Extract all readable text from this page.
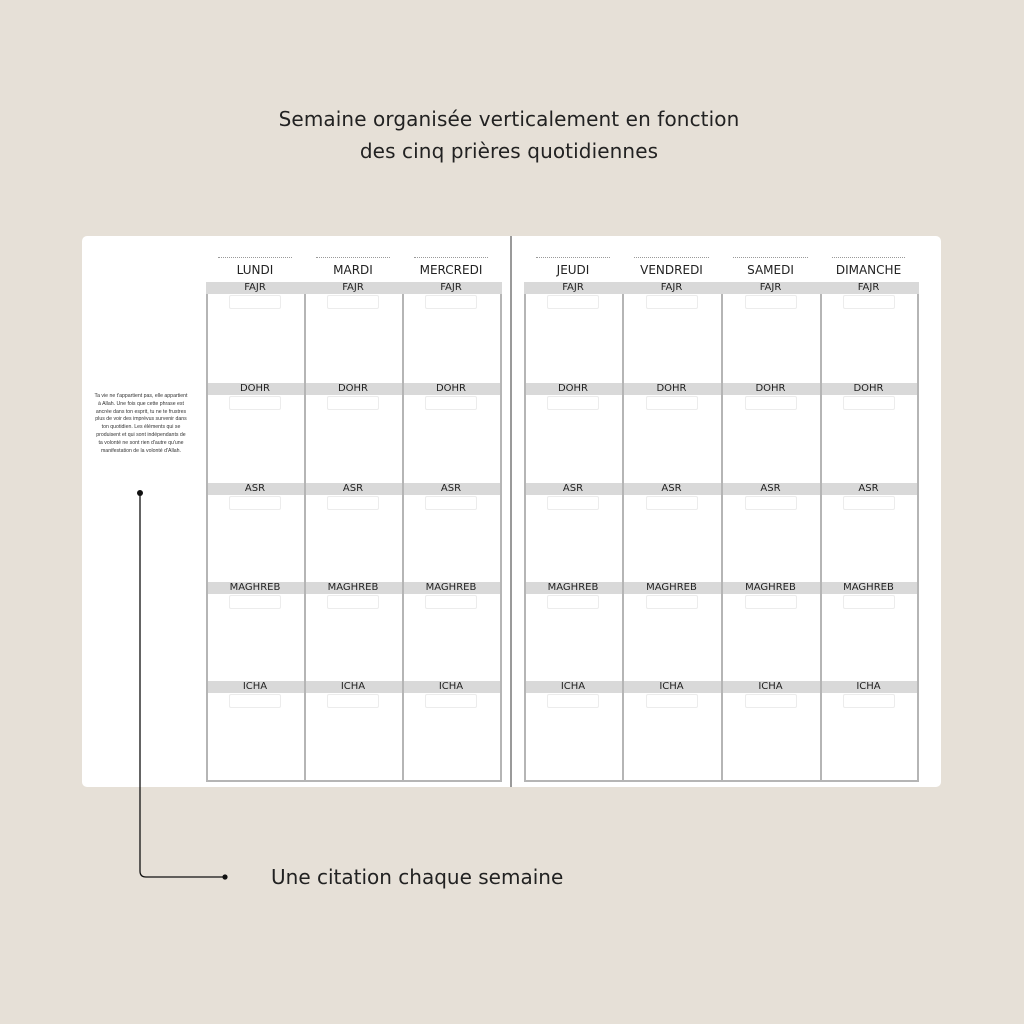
Semaine organisée verticalement en fonction
des cinq prières quotidiennes
Ta vie ne t'appartient pas, elle appartient à Allah. Une fois que cette phrase est ancrée dans ton esprit, tu ne te frustres plus de voir des imprévus survenir dans ton quotidien. Les éléments qui se produisent et qui sont indépendants de ta volonté ne sont rien d'autre qu'une manifestation de la volonté d'Allah.
LUNDI
FAJR
DOHR
ASR
MAGHREB
ICHA
MARDI
FAJR
DOHR
ASR
MAGHREB
ICHA
MERCREDI
FAJR
DOHR
ASR
MAGHREB
ICHA
JEUDI
FAJR
DOHR
ASR
MAGHREB
ICHA
VENDREDI
FAJR
DOHR
ASR
MAGHREB
ICHA
SAMEDI
FAJR
DOHR
ASR
MAGHREB
ICHA
DIMANCHE
FAJR
DOHR
ASR
MAGHREB
ICHA
Une citation chaque semaine
